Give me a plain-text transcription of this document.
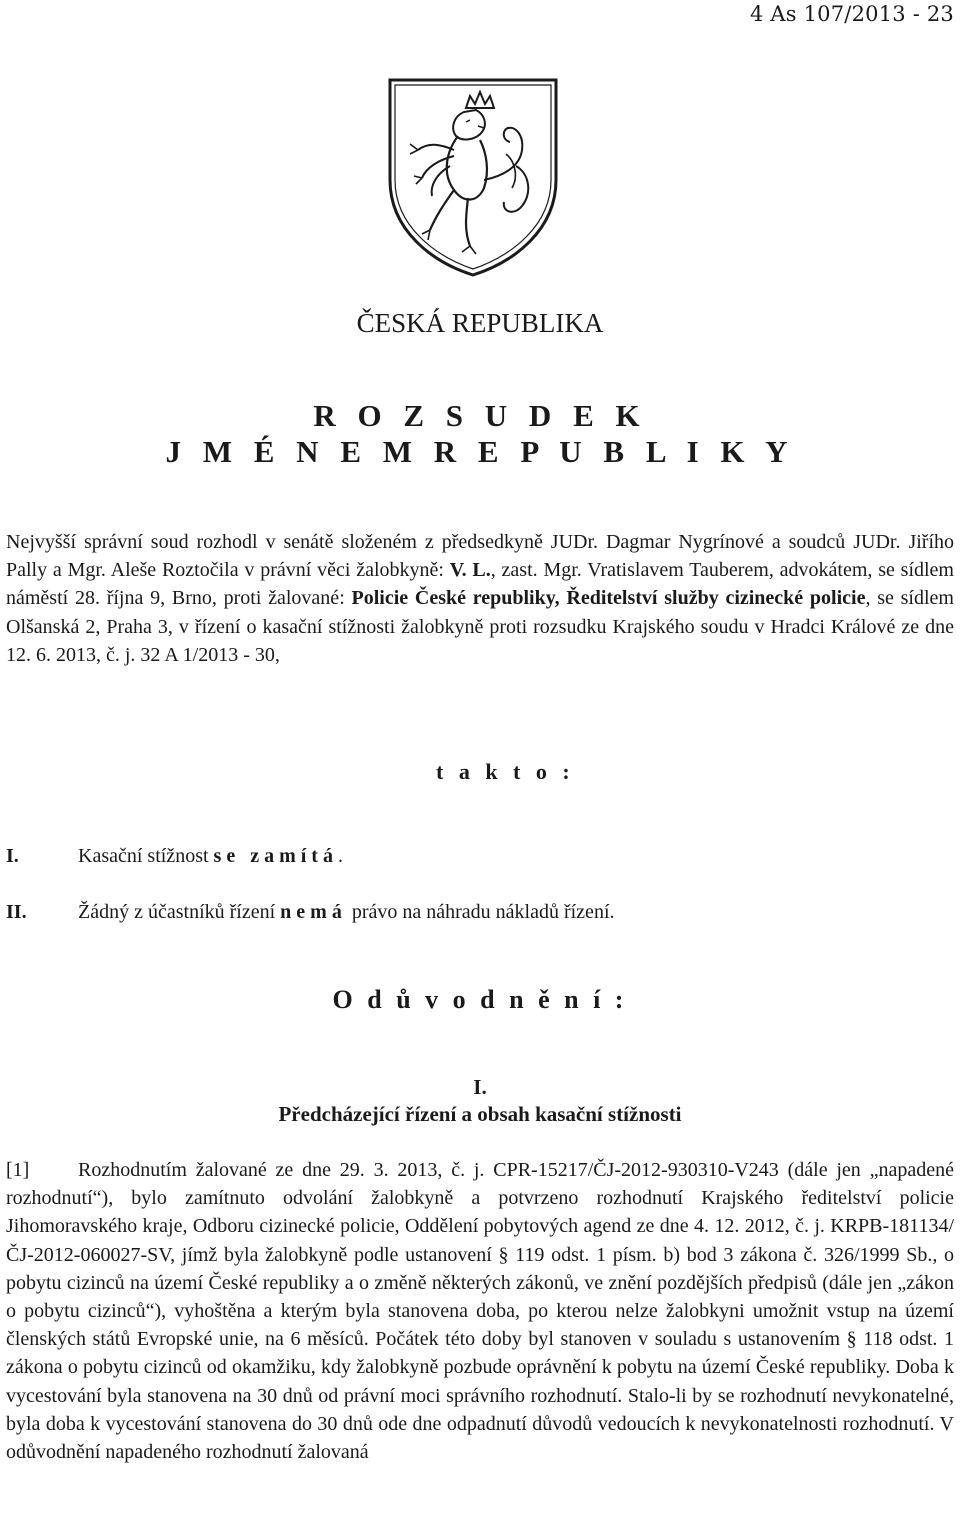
4 As 107/2013 - 23
ČESKÁ REPUBLIKA
R O Z S U D E K
J M É N E M R E P U B L I K Y
Nejvyšší správní soud rozhodl v senátě složeném z předsedkyně JUDr. Dagmar Nygrínové a soudců JUDr. Jiřího Pally a Mgr. Aleše Roztočila v právní věci žalobkyně: V. L., zast. Mgr. Vratislavem Tauberem, advokátem, se sídlem náměstí 28. října 9, Brno, proti žalované: Policie České republiky, Ředitelství služby cizinecké policie, se sídlem Olšanská 2, Praha 3, v řízení o kasační stížnosti žalobkyně proti rozsudku Krajského soudu v Hradci Králové ze dne 12. 6. 2013, č. j. 32 A 1/2013 - 30,
t a k t o :
I.	Kasační stížnost se zamítá.
II.	Žádný z účastníků řízení nemá právo na náhradu nákladů řízení.
O d ů v o d n ě n í :
I.
Předcházející řízení a obsah kasační stížnosti
[1] Rozhodnutím žalované ze dne 29. 3. 2013, č. j. CPR-15217/ČJ-2012-930310-V243 (dále jen „napadené rozhodnutí“), bylo zamítnuto odvolání žalobkyně a potvrzeno rozhodnutí Krajského ředitelství policie Jihomoravského kraje, Odboru cizinecké policie, Oddělení pobytových agend ze dne 4. 12. 2012, č. j. KRPB-181134/ČJ-2012-060027-SV, jímž byla žalobkyně podle ustanovení § 119 odst. 1 písm. b) bod 3 zákona č. 326/1999 Sb., o pobytu cizinců na území České republiky a o změně některých zákonů, ve znění pozdějších předpisů (dále jen „zákon o pobytu cizinců“), vyhoštěna a kterým byla stanovena doba, po kterou nelze žalobkyni umožnit vstup na území členských států Evropské unie, na 6 měsíců. Počátek této doby byl stanoven v souladu s ustanovením § 118 odst. 1 zákona o pobytu cizinců od okamžiku, kdy žalobkyně pozbude oprávnění k pobytu na území České republiky. Doba k vycestování byla stanovena na 30 dnů od právní moci správního rozhodnutí. Stalo-li by se rozhodnutí nevykonatelné, byla doba k vycestování stanovena do 30 dnů ode dne odpadnutí důvodů vedoucích k nevykonatelnosti rozhodnutí. V odůvodnění napadeného rozhodnutí žalovaná
